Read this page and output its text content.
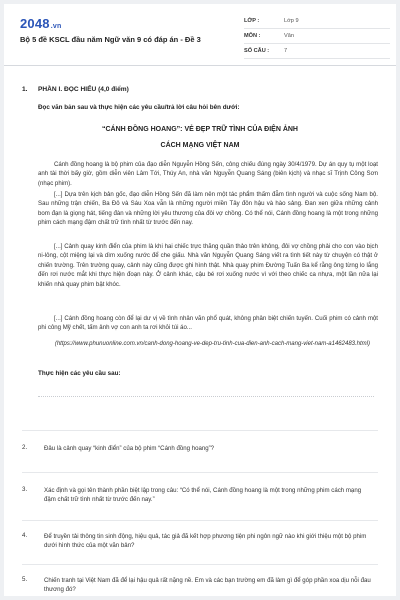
2048.vn
Bộ 5 đề KSCL đầu năm Ngữ văn 9 có đáp án - Đề 3
LỚP :	Lớp 9
MÔN :	Văn
SỐ CÂU :	7
1. PHẦN I. ĐỌC HIỂU (4,0 điểm)
Đọc văn bản sau và thực hiện các yêu cầu/trả lời câu hỏi bên dưới:
“CÁNH ĐỒNG HOANG”: VẺ ĐẸP TRỮ TÌNH CỦA ĐIỆN ẢNH
CÁCH MẠNG VIỆT NAM
Cánh đồng hoang là bộ phim của đạo diễn Nguyễn Hồng Sến, công chiếu đúng ngày 30/4/1979. Dự án quy tụ một loạt anh tài thời bấy giờ, gồm diễn viên Lâm Tới, Thúy An, nhà văn Nguyễn Quang Sáng (biên kịch) và nhạc sĩ Trịnh Công Sơn (nhạc phim).
[...] Dựa trên kịch bản gốc, đạo diễn Hồng Sến đã làm nên một tác phẩm thấm đẫm tình người và cuộc sống Nam bộ. Sau những trận chiến, Ba Đô và Sáu Xoa vẫn là những người miền Tây đôn hậu và hào sảng. Đan xen giữa những cảnh bom đạn là giọng hát, tiếng đàn và những lời yêu thương của đôi vợ chồng. Có thể nói, Cánh đồng hoang là một trong những phim cách mạng đậm chất trữ tình nhất từ trước đến nay.
[...] Cảnh quay kinh điển của phim là khi hai chiếc trực thăng quần thảo trên không, đôi vợ chồng phải cho con vào bịch ni-lông, cột miệng lại và dìm xuống nước để che giấu. Nhà văn Nguyễn Quang Sáng viết ra tình tiết này từ chuyện có thật ở chiến trường. Trên trường quay, cảnh này cũng được ghi hình thật. Nhà quay phim Đường Tuấn Ba kể rằng ông từng lo lắng đến rơi nước mắt khi thực hiện đoạn này. Ở cảnh khác, cậu bé rơi xuống nước vì với theo chiếc ca nhựa, một lần nữa lại khiến nhà quay phim bật khóc.
[...] Cánh đồng hoang còn để lại dư vị về tình nhân văn phổ quát, không phân biệt chiến tuyến. Cuối phim có cảnh một phi công Mỹ chết, tấm ảnh vợ con anh ta rơi khỏi túi áo...
(https://www.phunuonline.com.vn/canh-dong-hoang-ve-dep-tru-tinh-cua-dien-anh-cach-mang-viet-nam-a1462483.html)
Thực hiện các yêu cầu sau:
2.	Đâu là cảnh quay “kinh điển” của bộ phim “Cánh đồng hoang”?
3.	Xác định và gọi tên thành phần biệt lập trong câu: “Có thể nói, Cánh đồng hoang là một trong những phim cách mạng đậm chất trữ tình nhất từ trước đến nay.”
4.	Để truyền tải thông tin sinh động, hiệu quả, tác giả đã kết hợp phương tiện phi ngôn ngữ nào khi giới thiệu một bộ phim dưới hình thức của một văn bản?
5.	Chiến tranh tại Việt Nam đã để lại hậu quả rất nặng nề. Em và các bạn trường em đã làm gì để góp phần xoa dịu nỗi đau thương đó?
